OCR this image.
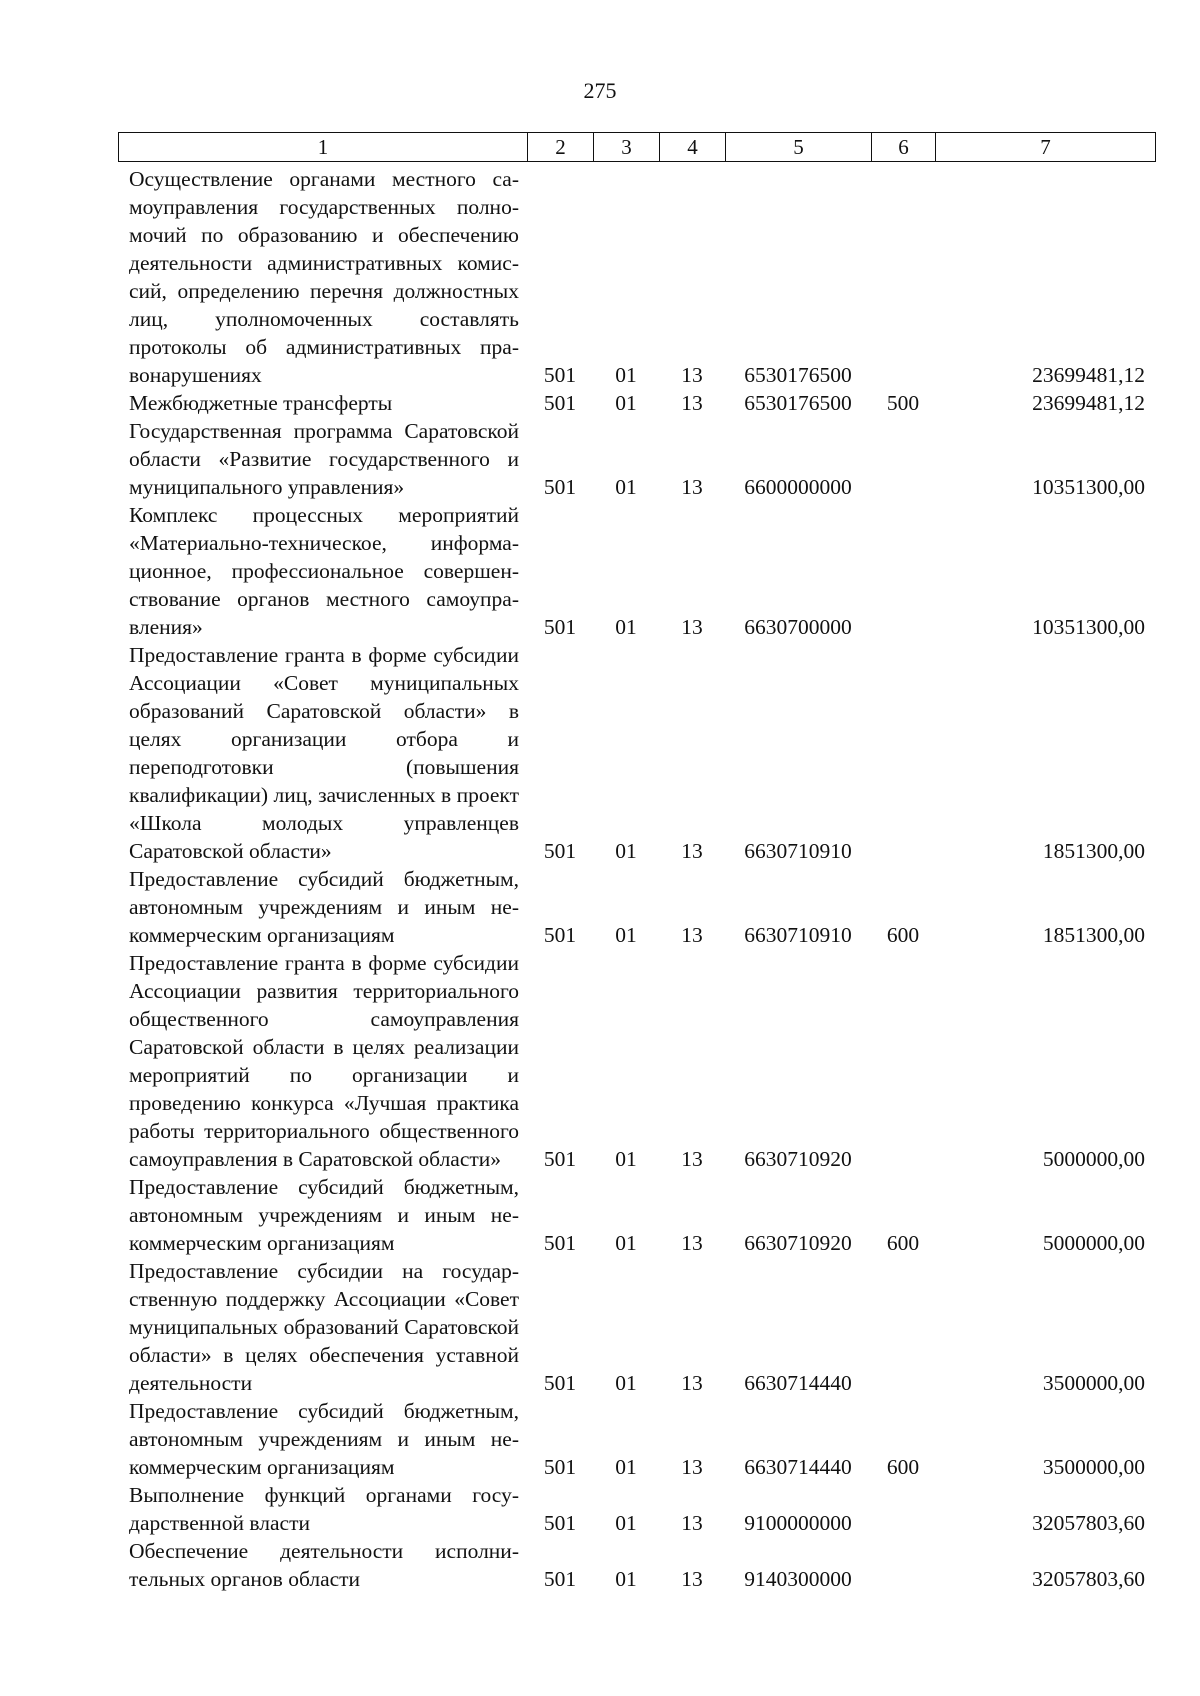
275
1	2	3	4	5	6	7
Осуществление органами местного самоуправления государственных полномочий по образованию и обеспечению деятельности административных комиссий, определению перечня должностных лиц, уполномоченных составлять протоколы об административных правонарушениях	501	01	13	6530176500		23699481,12
Межбюджетные трансферты	501	01	13	6530176500	500	23699481,12
Государственная программа Саратовской области «Развитие государственного и муниципального управления»	501	01	13	6600000000		10351300,00
Комплекс процессных мероприятий «Материально-техническое, информационное, профессиональное совершенствование органов местного самоуправления»	501	01	13	6630700000		10351300,00
Предоставление гранта в форме субсидии Ассоциации «Совет муниципальных образований Саратовской области» в целях организации отбора и переподготовки (повышения квалификации) лиц, зачисленных в проект «Школа молодых управленцев Саратовской области»	501	01	13	6630710910		1851300,00
Предоставление субсидий бюджетным, автономным учреждениям и иным некоммерческим организациям	501	01	13	6630710910	600	1851300,00
Предоставление гранта в форме субсидии Ассоциации развития территориального общественного самоуправления Саратовской области в целях реализации мероприятий по организации и проведению конкурса «Лучшая практика работы территориального общественного самоуправления в Саратовской области»	501	01	13	6630710920		5000000,00
Предоставление субсидий бюджетным, автономным учреждениям и иным некоммерческим организациям	501	01	13	6630710920	600	5000000,00
Предоставление субсидии на государственную поддержку Ассоциации «Совет муниципальных образований Саратовской области» в целях обеспечения уставной деятельности	501	01	13	6630714440		3500000,00
Предоставление субсидий бюджетным, автономным учреждениям и иным некоммерческим организациям	501	01	13	6630714440	600	3500000,00
Выполнение функций органами государственной власти	501	01	13	9100000000		32057803,60
Обеспечение деятельности исполнительных органов области	501	01	13	9140300000		32057803,60
